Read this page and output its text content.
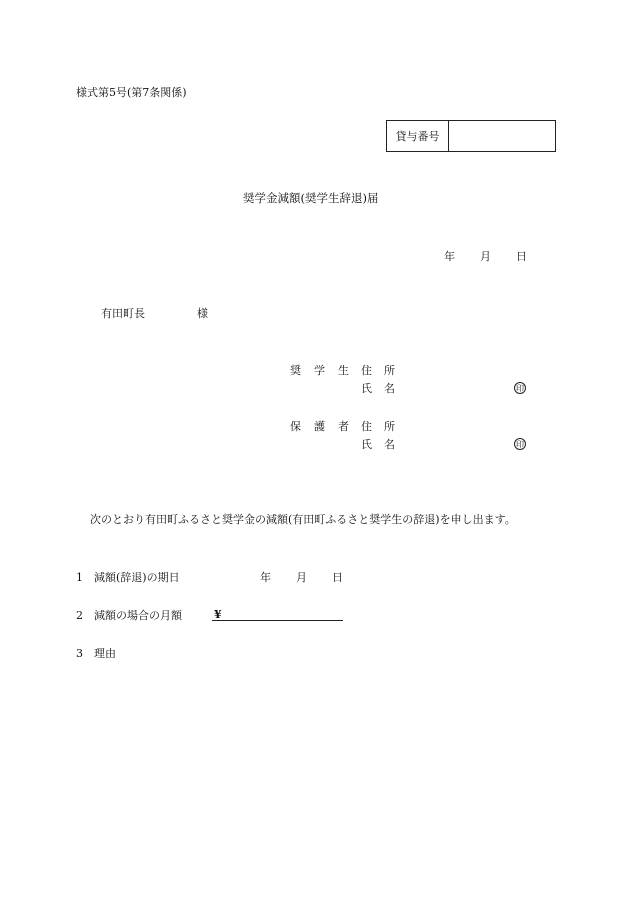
様式第5号(第7条関係)
貸与番号
奨学金減額(奨学生辞退)届
年 月 日
有田町長	様
奨 学 生 住 所
氏 名	印
保 護 者 住 所
氏 名	印
次のとおり有田町ふるさと奨学金の減額(有田町ふるさと奨学生の辞退)を申し出ます。
1 減額(辞退)の期日	年 月 日
2 減額の場合の月額	¥
3 理由
